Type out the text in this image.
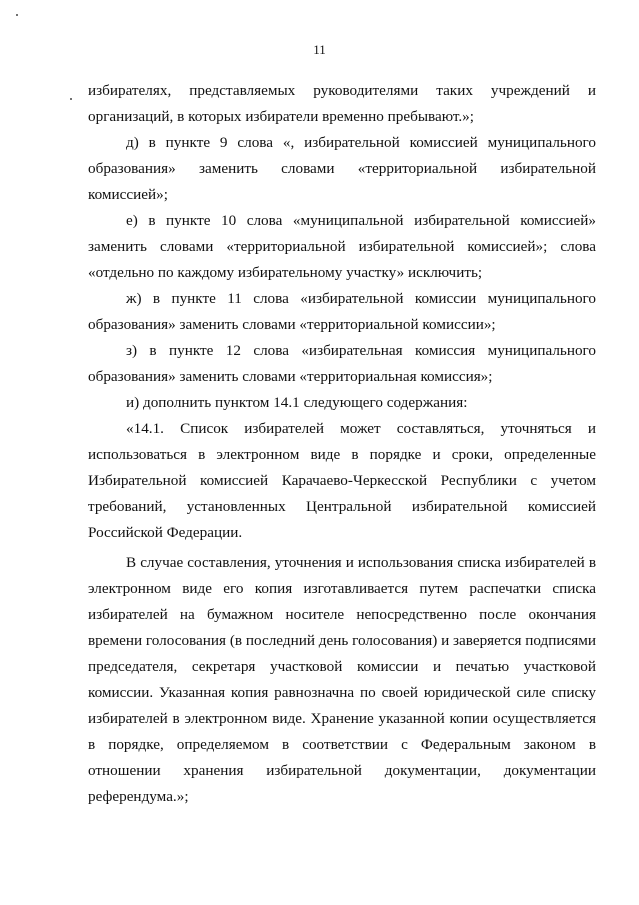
11

избирателях, представляемых руководителями таких учреждений и организаций, в которых избиратели временно пребывают.»;

д) в пункте 9 слова «, избирательной комиссией муниципального образования» заменить словами «территориальной избирательной комиссией»;

е) в пункте 10 слова «муниципальной избирательной комиссией» заменить словами «территориальной избирательной комиссией»; слова «отдельно по каждому избирательному участку» исключить;

ж) в пункте 11 слова «избирательной комиссии муниципального образования» заменить словами «территориальной комиссии»;

з) в пункте 12 слова «избирательная комиссия муниципального образования» заменить словами «территориальная комиссия»;

и) дополнить пунктом 14.1 следующего содержания:

«14.1. Список избирателей может составляться, уточняться и использоваться в электронном виде в порядке и сроки, определенные Избирательной комиссией Карачаево-Черкесской Республики с учетом требований, установленных Центральной избирательной комиссией Российской Федерации.

В случае составления, уточнения и использования списка избирателей в электронном виде его копия изготавливается путем распечатки списка избирателей на бумажном носителе непосредственно после окончания времени голосования (в последний день голосования) и заверяется подписями председателя, секретаря участковой комиссии и печатью участковой комиссии. Указанная копия равнозначна по своей юридической силе списку избирателей в электронном виде. Хранение указанной копии осуществляется в порядке, определяемом в соответствии с Федеральным законом в отношении хранения избирательной документации, документации референдума.»;
